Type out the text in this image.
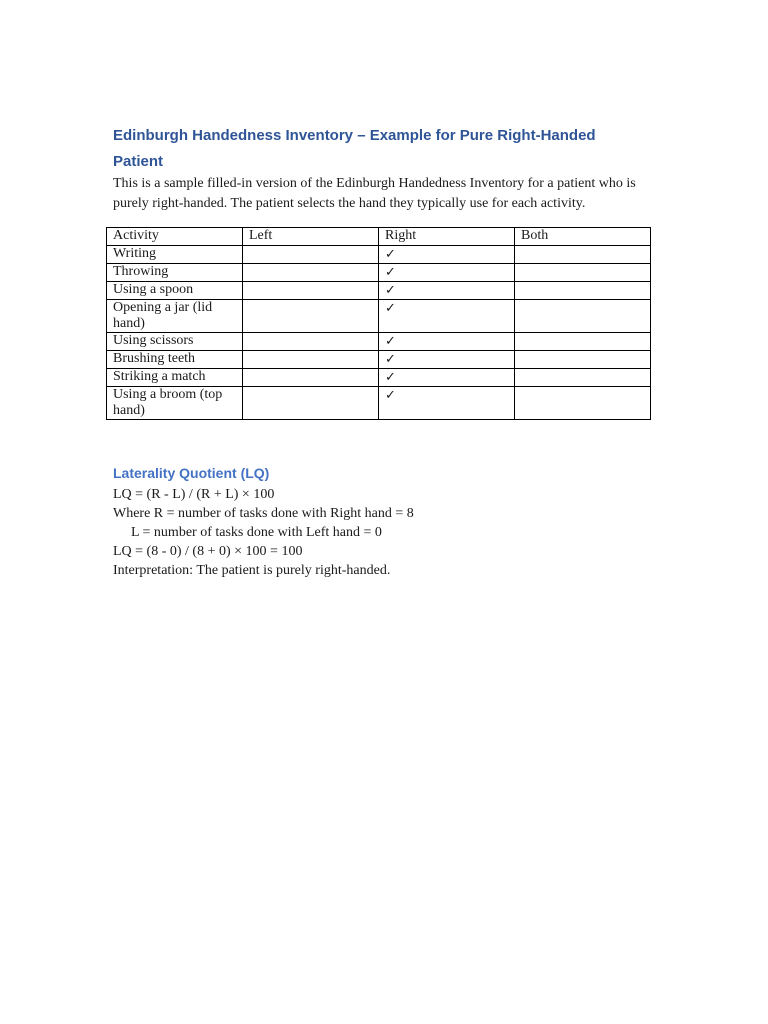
Edinburgh Handedness Inventory – Example for Pure Right-Handed Patient

This is a sample filled-in version of the Edinburgh Handedness Inventory for a patient who is purely right-handed. The patient selects the hand they typically use for each activity.

Activity	Left	Right	Both
Writing		✓	
Throwing		✓	
Using a spoon		✓	
Opening a jar (lid hand)		✓	
Using scissors		✓	
Brushing teeth		✓	
Striking a match		✓	
Using a broom (top hand)		✓	
Laterality Quotient (LQ)
LQ = (R - L) / (R + L) × 100
Where R = number of tasks done with Right hand = 8
L = number of tasks done with Left hand = 0
LQ = (8 - 0) / (8 + 0) × 100 = 100
Interpretation: The patient is purely right-handed.
